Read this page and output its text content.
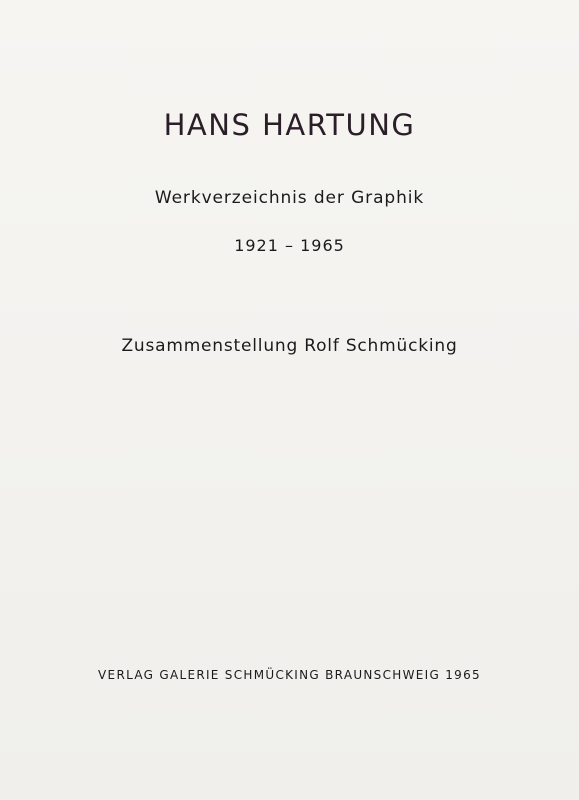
HANS HARTUNG
Werkverzeichnis der Graphik
1921 – 1965
Zusammenstellung Rolf Schmücking
VERLAG GALERIE SCHMÜCKING BRAUNSCHWEIG 1965
